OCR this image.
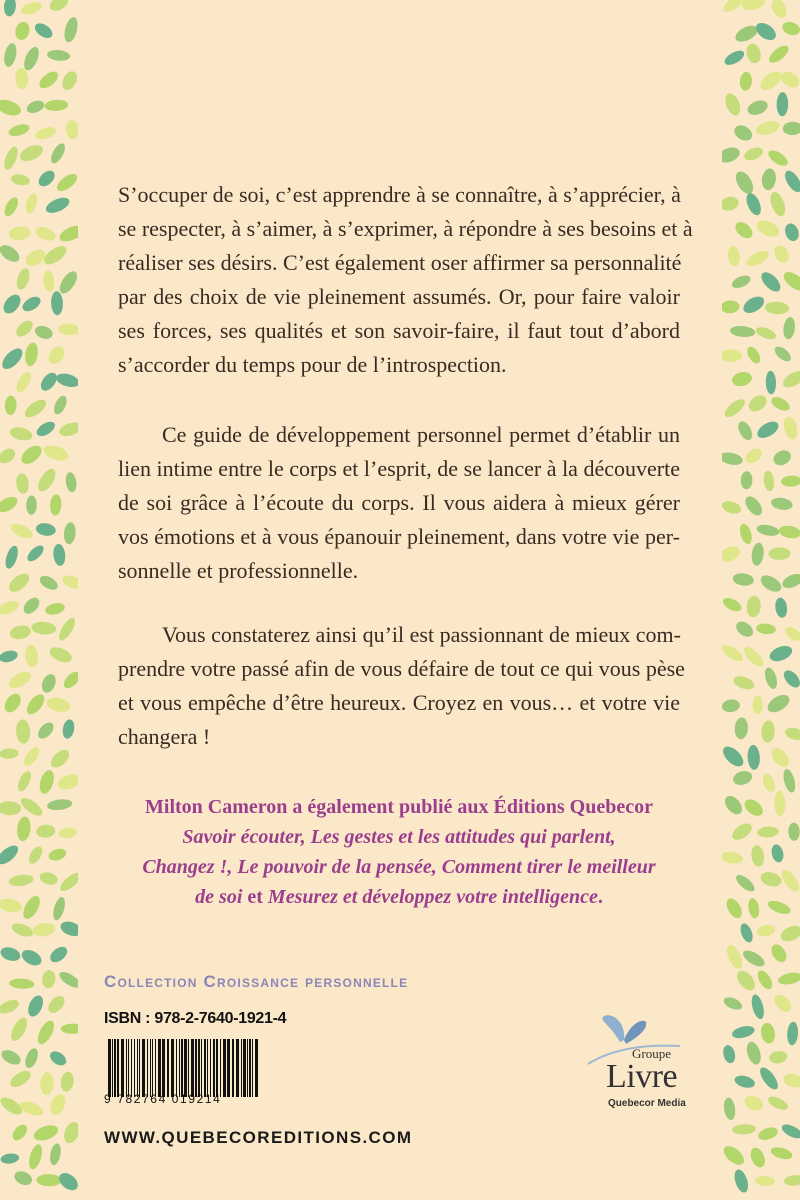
S’occuper de soi, c’est apprendre à se connaître, à s’apprécier, à
se respecter, à s’aimer, à s’exprimer, à répondre à ses besoins et à
réaliser ses désirs. C’est également oser affirmer sa personnalité
par des choix de vie pleinement assumés. Or, pour faire valoir
ses forces, ses qualités et son savoir-faire, il faut tout d’abord
s’accorder du temps pour de l’introspection.
Ce guide de développement personnel permet d’établir un
lien intime entre le corps et l’esprit, de se lancer à la découverte
de soi grâce à l’écoute du corps. Il vous aidera à mieux gérer
vos émotions et à vous épanouir pleinement, dans votre vie per-
sonnelle et professionnelle.
Vous constaterez ainsi qu’il est passionnant de mieux com-
prendre votre passé afin de vous défaire de tout ce qui vous pèse
et vous empêche d’être heureux. Croyez en vous… et votre vie
changera !
Milton Cameron a également publié aux Éditions Quebecor
Savoir écouter, Les gestes et les attitudes qui parlent,
Changez !, Le pouvoir de la pensée, Comment tirer le meilleur
de soi et Mesurez et développez votre intelligence.
Collection Croissance personnelle
ISBN : 978-2-7640-1921-4
9 782764 019214
WWW.QUEBECOREDITIONS.COM
Groupe
Livre
Quebecor Media
